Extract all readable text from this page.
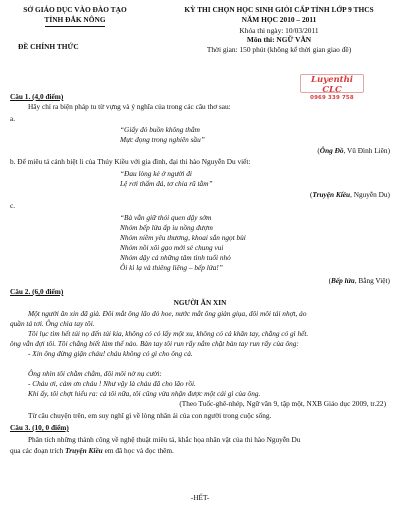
SỞ GIÁO DỤC VÀO ĐÀO TẠO
TỈNH ĐẮK NÔNG
ĐỀ CHÍNH THỨC
KỲ THI CHỌN HỌC SINH GIỎI CẤP TỈNH LỚP 9 THCS
NĂM HỌC 2010 – 2011
Khóa thi ngày: 10/03/2011
Môn thi: NGỮ VĂN
Thời gian: 150 phút (không kể thời gian giao đề)
Luyenthi CLC
0969 339 758
Câu 1. (4,0 điểm)
Hãy chỉ ra biện pháp tu từ vựng và ý nghĩa của trong các câu thơ sau:
a.
“Giấy đỏ buồn không thắm
Mực đọng trong nghiên sầu”
(Ông Đồ, Vũ Đình Liên)
b. Để miêu tả cảnh biệt li của Thúy Kiều với gia đình, đại thi hào Nguyễn Du viết:
“Đau lòng kẻ ở người đi
Lệ rơi thấm đá, tơ chia rũ tằm”
(Truyện Kiều, Nguyễn Du)
c.
“Bà vẫn giữ thói quen dậy sớm
Nhóm bếp lửa ấp iu nồng đượm
Nhóm niềm yêu thương, khoai sắn ngọt bùi
Nhóm nồi xôi gạo mới sẻ chung vui
Nhóm dậy cả những tâm tình tuổi nhỏ
Ôi kì lạ và thiêng liêng – bếp lửa!”
(Bếp lửa, Bằng Việt)
Câu 2. (6,0 điểm)
NGƯỜI ĂN XIN
Một người ăn xin đã già. Đôi mắt ông lão đỏ hoe, nước mắt ông giàn giụa, đôi môi tái nhợt, áo
quần tả tơi. Ông chìa tay tôi.
Tôi lục tìm hết túi nọ đến túi kia, không có có lấy một xu, không có cả khăn tay, chẳng có gì hết.
ông vẫn đợi tôi. Tôi chẳng biết làm thế nào. Bàn tay tôi run rẩy nắm chặt bàn tay run rẩy của ông:
- Xin ông đừng giận cháu! cháu không có gì cho ông cả.
Ông nhìn tôi chằm chằm, đôi môi nở nụ cười:
- Cháu ơi, cảm ơn cháu ! Như vậy là cháu đã cho lão rồi.
Khi ấy, tôi chợt hiểu ra: cả tôi nữa, tôi cũng vừa nhận được một cái gì của ông.
(Theo Tuốc-ghê-nhép, Ngữ văn 9, tập một, NXB Giáo dục 2009, tr.22)
Từ câu chuyện trên, em suy nghĩ gì về lòng nhân ái của con người trong cuộc sống.
Câu 3. (10, 0 điểm)
Phân tích những thành công về nghệ thuật miêu tả, khắc họa nhân vật của thi hào Nguyễn Du
qua các đoạn trích Truyện Kiều em đã học và đọc thêm.
-HẾT-
